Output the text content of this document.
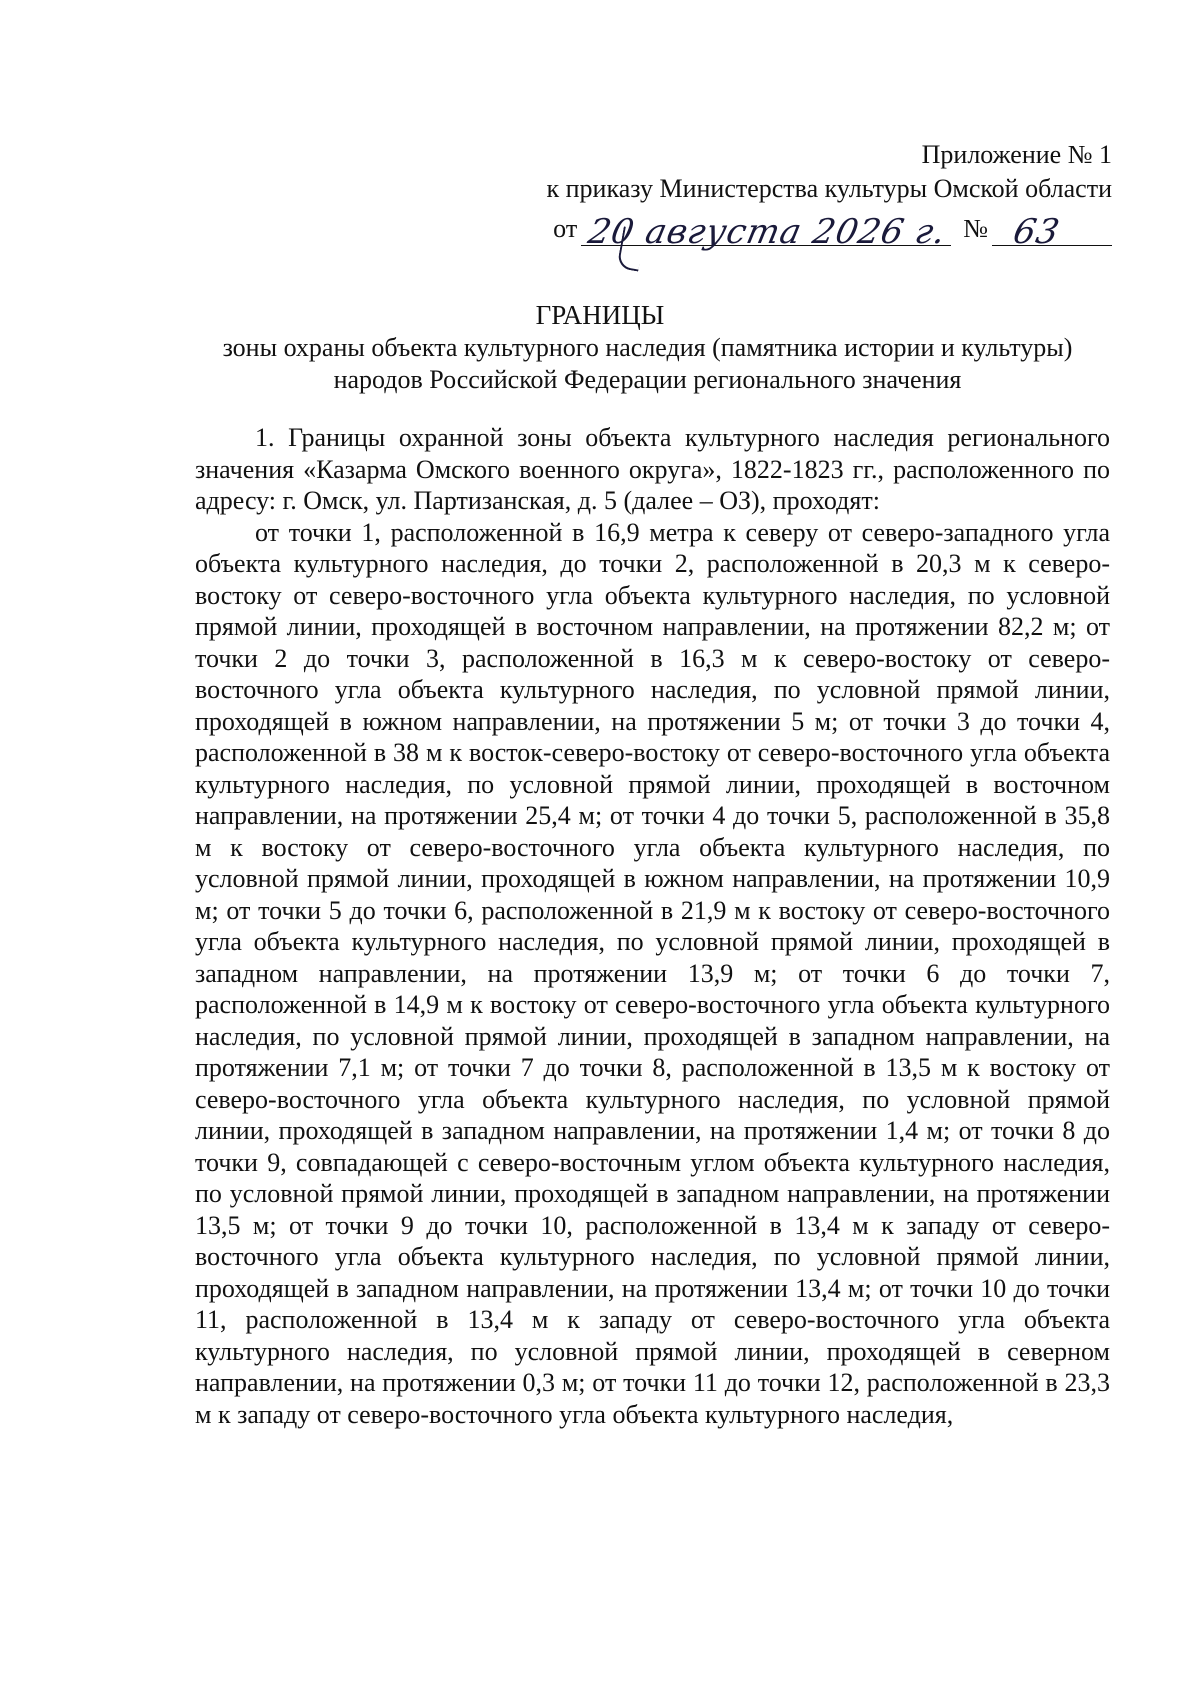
Приложение № 1
к приказу Министерства культуры Омской области
от 20 августа 2026 г. № 63
ГРАНИЦЫ
зоны охраны объекта культурного наследия (памятника истории и культуры) народов Российской Федерации регионального значения

1. Границы охранной зоны объекта культурного наследия регионального значения «Казарма Омского военного округа», 1822-1823 гг., расположенного по адресу: г. Омск, ул. Партизанская, д. 5 (далее – ОЗ), проходят:

от точки 1, расположенной в 16,9 метра к северу от северо-западного угла объекта культурного наследия, до точки 2, расположенной в 20,3 м к северо-востоку от северо-восточного угла объекта культурного наследия, по условной прямой линии, проходящей в восточном направлении, на протяжении 82,2 м; от точки 2 до точки 3, расположенной в 16,3 м к северо-востоку от северо-восточного угла объекта культурного наследия, по условной прямой линии, проходящей в южном направлении, на протяжении 5 м; от точки 3 до точки 4, расположенной в 38 м к восток-северо-востоку от северо-восточного угла объекта культурного наследия, по условной прямой линии, проходящей в восточном направлении, на протяжении 25,4 м; от точки 4 до точки 5, расположенной в 35,8 м к востоку от северо-восточного угла объекта культурного наследия, по условной прямой линии, проходящей в южном направлении, на протяжении 10,9 м; от точки 5 до точки 6, расположенной в 21,9 м к востоку от северо-восточного угла объекта культурного наследия, по условной прямой линии, проходящей в западном направлении, на протяжении 13,9 м; от точки 6 до точки 7, расположенной в 14,9 м к востоку от северо-восточного угла объекта культурного наследия, по условной прямой линии, проходящей в западном направлении, на протяжении 7,1 м; от точки 7 до точки 8, расположенной в 13,5 м к востоку от северо-восточного угла объекта культурного наследия, по условной прямой линии, проходящей в западном направлении, на протяжении 1,4 м; от точки 8 до точки 9, совпадающей с северо-восточным углом объекта культурного наследия, по условной прямой линии, проходящей в западном направлении, на протяжении 13,5 м; от точки 9 до точки 10, расположенной в 13,4 м к западу от северо-восточного угла объекта культурного наследия, по условной прямой линии, проходящей в западном направлении, на протяжении 13,4 м; от точки 10 до точки 11, расположенной в 13,4 м к западу от северо-восточного угла объекта культурного наследия, по условной прямой линии, проходящей в северном направлении, на протяжении 0,3 м; от точки 11 до точки 12, расположенной в 23,3 м к западу от северо-восточного угла объекта культурного наследия,
